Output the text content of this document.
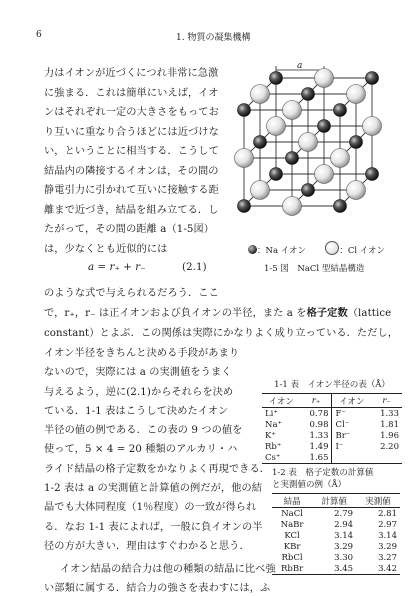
6	1. 物質の凝集機構
力はイオンが近づくにつれ非常に急激
に強まる．これは簡単にいえば，イオ
ンはそれぞれ一定の大きさをもってお
り互いに重なり合うほどには近づけな
い，ということに相当する．こうして
結晶内の隣接するイオンは，その間の
静電引力に引かれて互いに接触する距
離まで近づき，結晶を組み立てる．し
たがって，その間の距離 a（1-5図）
は，少なくとも近似的には
a = r₊ + r₋	(2.1)
のような式で与えられるだろう．ここ
で，r₊，r₋ は正イオンおよび負イオンの半径，また a を格子定数（lattice
constant）とよぶ．この関係は実際にかなりよく成り立っている．ただし，
イオン半径をきちんと決める手段があまり
ないので，実際には a の実測値をうまく
与えるよう，逆に(2.1)からそれらを決め
ている．1-1 表はこうして決めたイオン
半径の値の例である．この表の 9 つの値を
使って，5 × 4 = 20 種類のアルカリ・ハ
ライド結晶の格子定数をかなりよく再現できる．
1-2 表は a の実測値と計算値の例だが，他の結
晶でも大体同程度（1％程度）の一致が得られ
る．なお 1-1 表によれば，一般に負イオンの半
径の方が大きい．理由はすぐわかると思う．
イオン結晶の結合力は他の種類の結晶に比べ強
い部類に属する．結合力の強さを表わすには，ふ
a
：Na イオン	：Cl イオン
1-5 図　NaCl 型結晶構造
1-1 表　イオン半径の表（Å）
イオン	r₊	イオン	r₋
Li⁺	0.78	F⁻	1.33
Na⁺	0.98	Cl⁻	1.81
K⁺	1.33	Br⁻	1.96
Rb⁺	1.49	I⁻	2.20
Cs⁺	1.65		
1-2 表　格子定数の計算値
と実測値の例（Å）
結晶	計算値	実測値
NaCl	2.79	2.81
NaBr	2.94	2.97
KCl	3.14	3.14
KBr	3.29	3.29
RbCl	3.30	3.27
RbBr	3.45	3.42
